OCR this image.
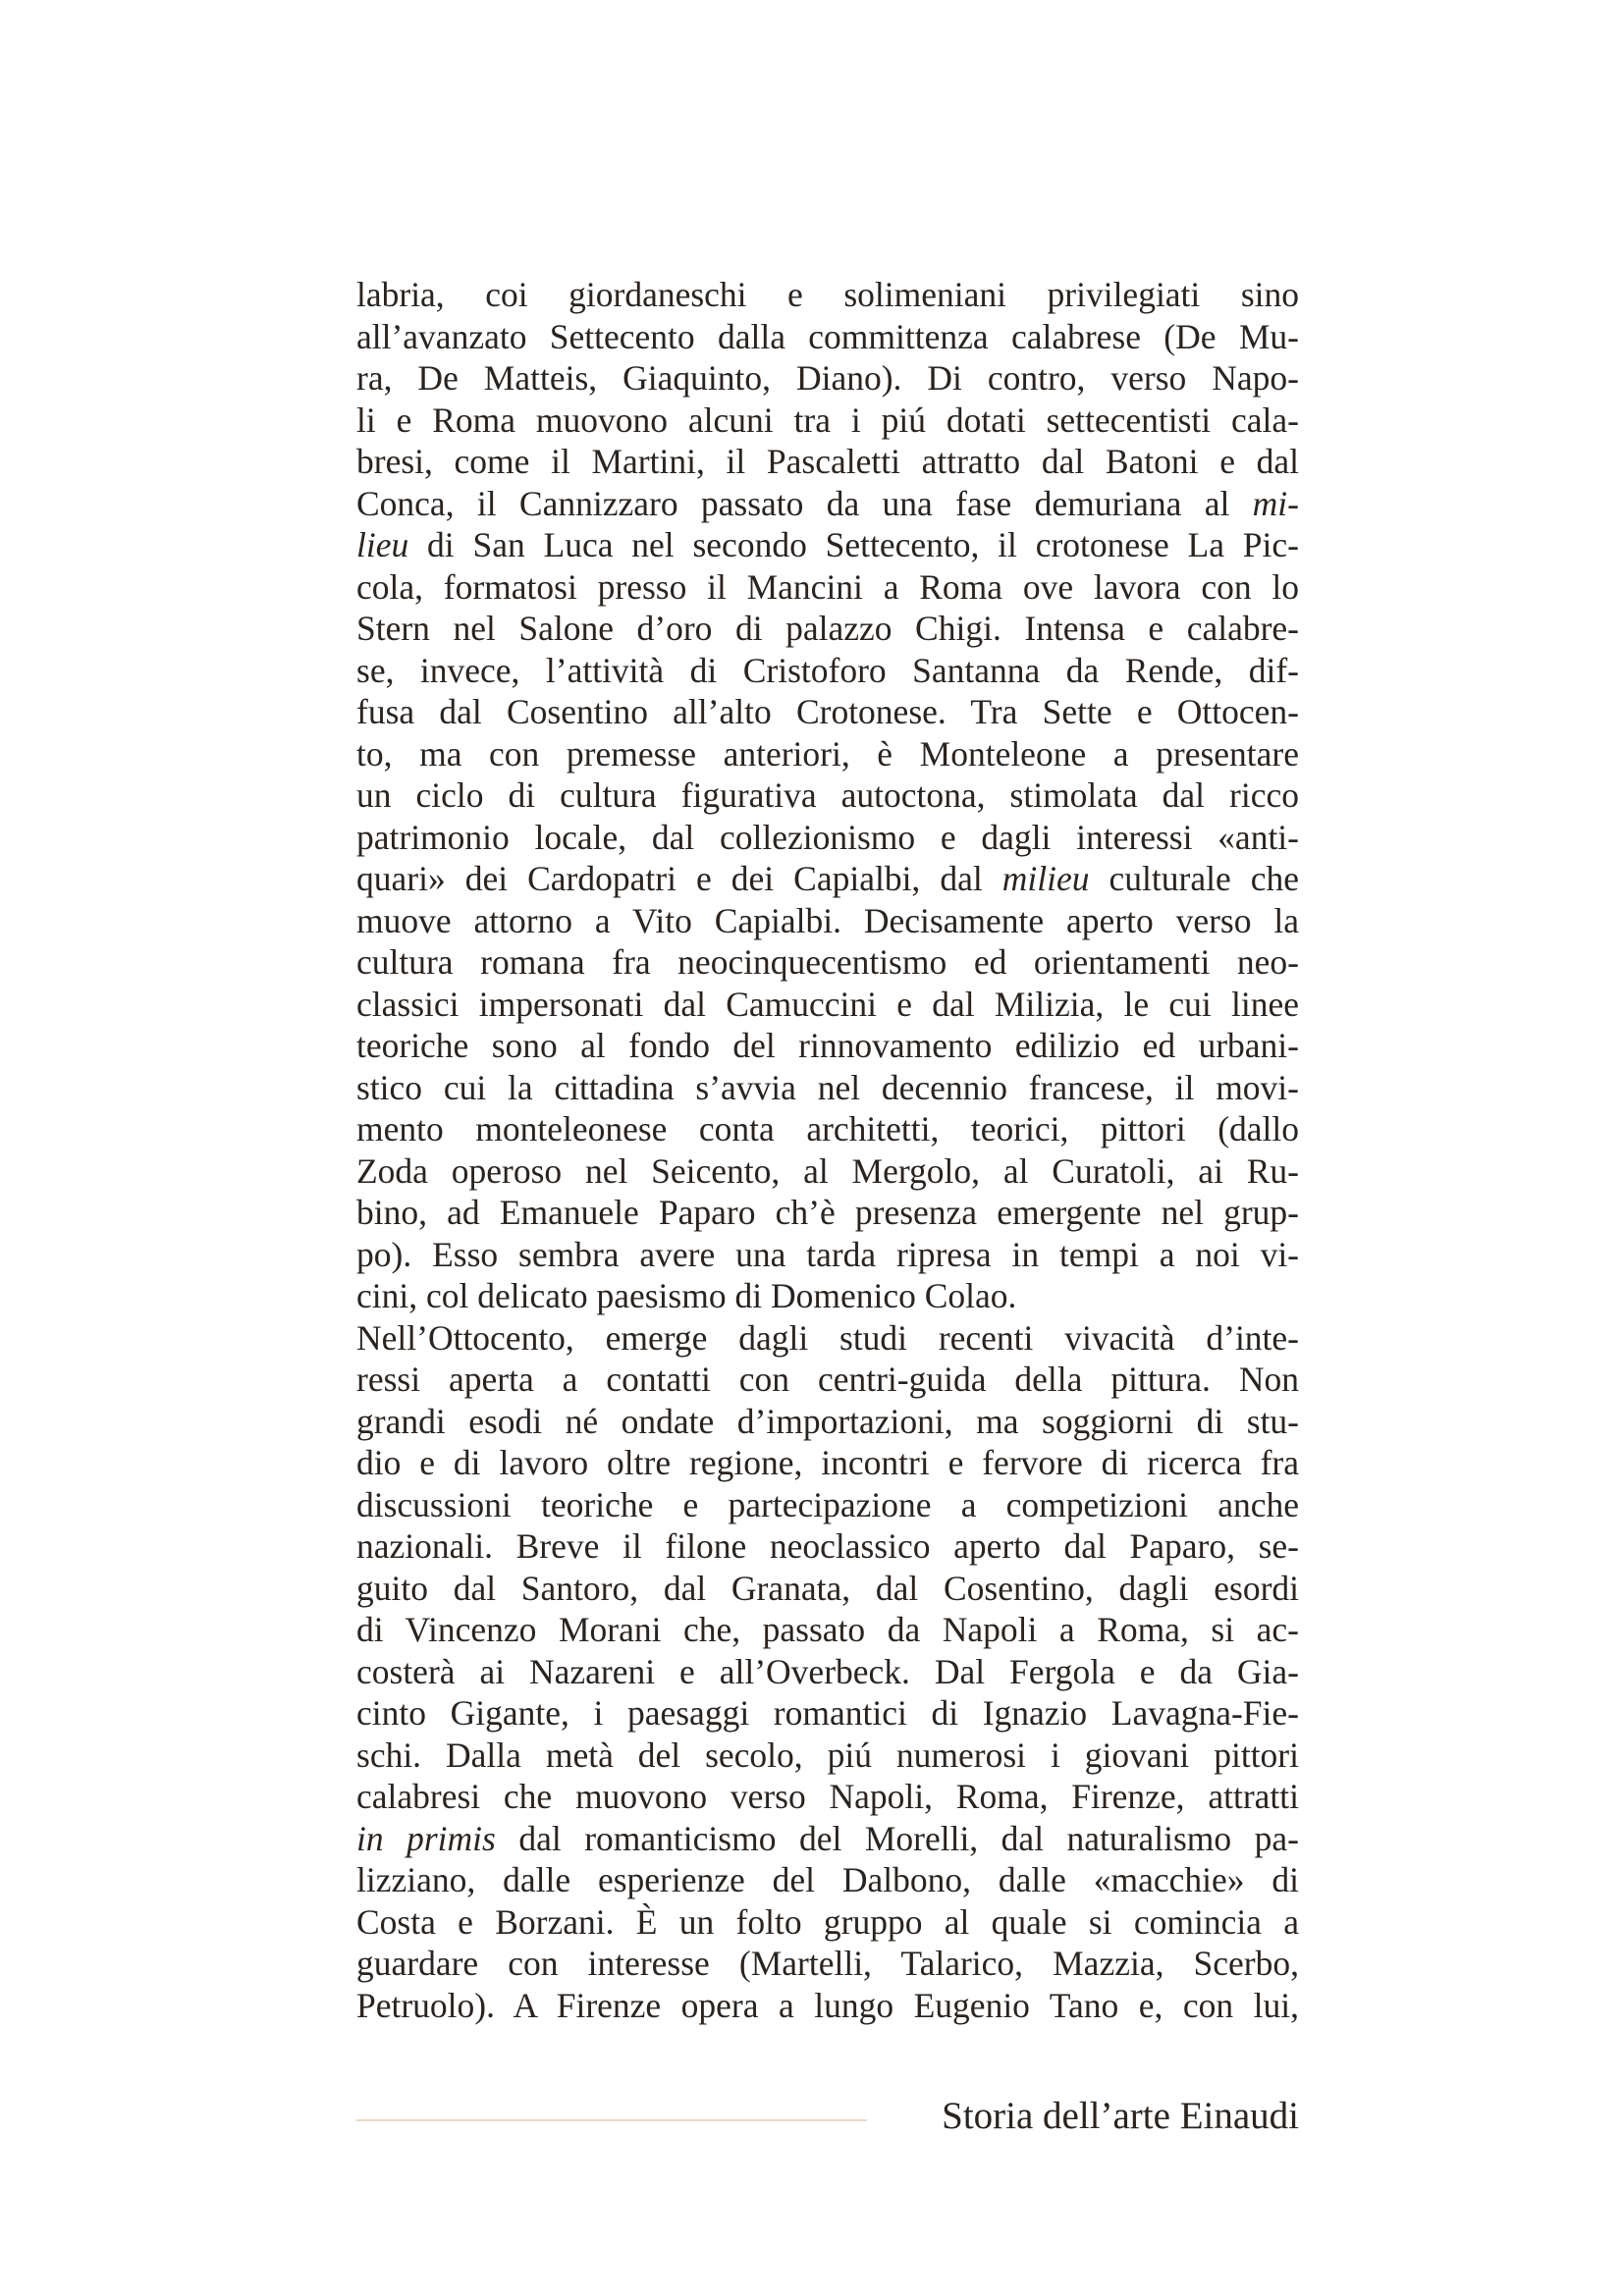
labria, coi giordaneschi e solimeniani privilegiati sino
all’avanzato Settecento dalla committenza calabrese (De Mu-
ra, De Matteis, Giaquinto, Diano). Di contro, verso Napo-
li e Roma muovono alcuni tra i piú dotati settecentisti cala-
bresi, come il Martini, il Pascaletti attratto dal Batoni e dal
Conca, il Cannizzaro passato da una fase demuriana al mi-
lieu di San Luca nel secondo Settecento, il crotonese La Pic-
cola, formatosi presso il Mancini a Roma ove lavora con lo
Stern nel Salone d’oro di palazzo Chigi. Intensa e calabre-
se, invece, l’attività di Cristoforo Santanna da Rende, dif-
fusa dal Cosentino all’alto Crotonese. Tra Sette e Ottocen-
to, ma con premesse anteriori, è Monteleone a presentare
un ciclo di cultura figurativa autoctona, stimolata dal ricco
patrimonio locale, dal collezionismo e dagli interessi «anti-
quari» dei Cardopatri e dei Capialbi, dal milieu culturale che
muove attorno a Vito Capialbi. Decisamente aperto verso la
cultura romana fra neocinquecentismo ed orientamenti neo-
classici impersonati dal Camuccini e dal Milizia, le cui linee
teoriche sono al fondo del rinnovamento edilizio ed urbani-
stico cui la cittadina s’avvia nel decennio francese, il movi-
mento monteleonese conta architetti, teorici, pittori (dallo
Zoda operoso nel Seicento, al Mergolo, al Curatoli, ai Ru-
bino, ad Emanuele Paparo ch’è presenza emergente nel grup-
po). Esso sembra avere una tarda ripresa in tempi a noi vi-
cini, col delicato paesismo di Domenico Colao.
Nell’Ottocento, emerge dagli studi recenti vivacità d’inte-
ressi aperta a contatti con centri-guida della pittura. Non
grandi esodi né ondate d’importazioni, ma soggiorni di stu-
dio e di lavoro oltre regione, incontri e fervore di ricerca fra
discussioni teoriche e partecipazione a competizioni anche
nazionali. Breve il filone neoclassico aperto dal Paparo, se-
guito dal Santoro, dal Granata, dal Cosentino, dagli esordi
di Vincenzo Morani che, passato da Napoli a Roma, si ac-
costerà ai Nazareni e all’Overbeck. Dal Fergola e da Gia-
cinto Gigante, i paesaggi romantici di Ignazio Lavagna-Fie-
schi. Dalla metà del secolo, piú numerosi i giovani pittori
calabresi che muovono verso Napoli, Roma, Firenze, attratti
in primis dal romanticismo del Morelli, dal naturalismo pa-
lizziano, dalle esperienze del Dalbono, dalle «macchie» di
Costa e Borzani. È un folto gruppo al quale si comincia a
guardare con interesse (Martelli, Talarico, Mazzia, Scerbo,
Petruolo). A Firenze opera a lungo Eugenio Tano e, con lui,
Storia dell’arte Einaudi
